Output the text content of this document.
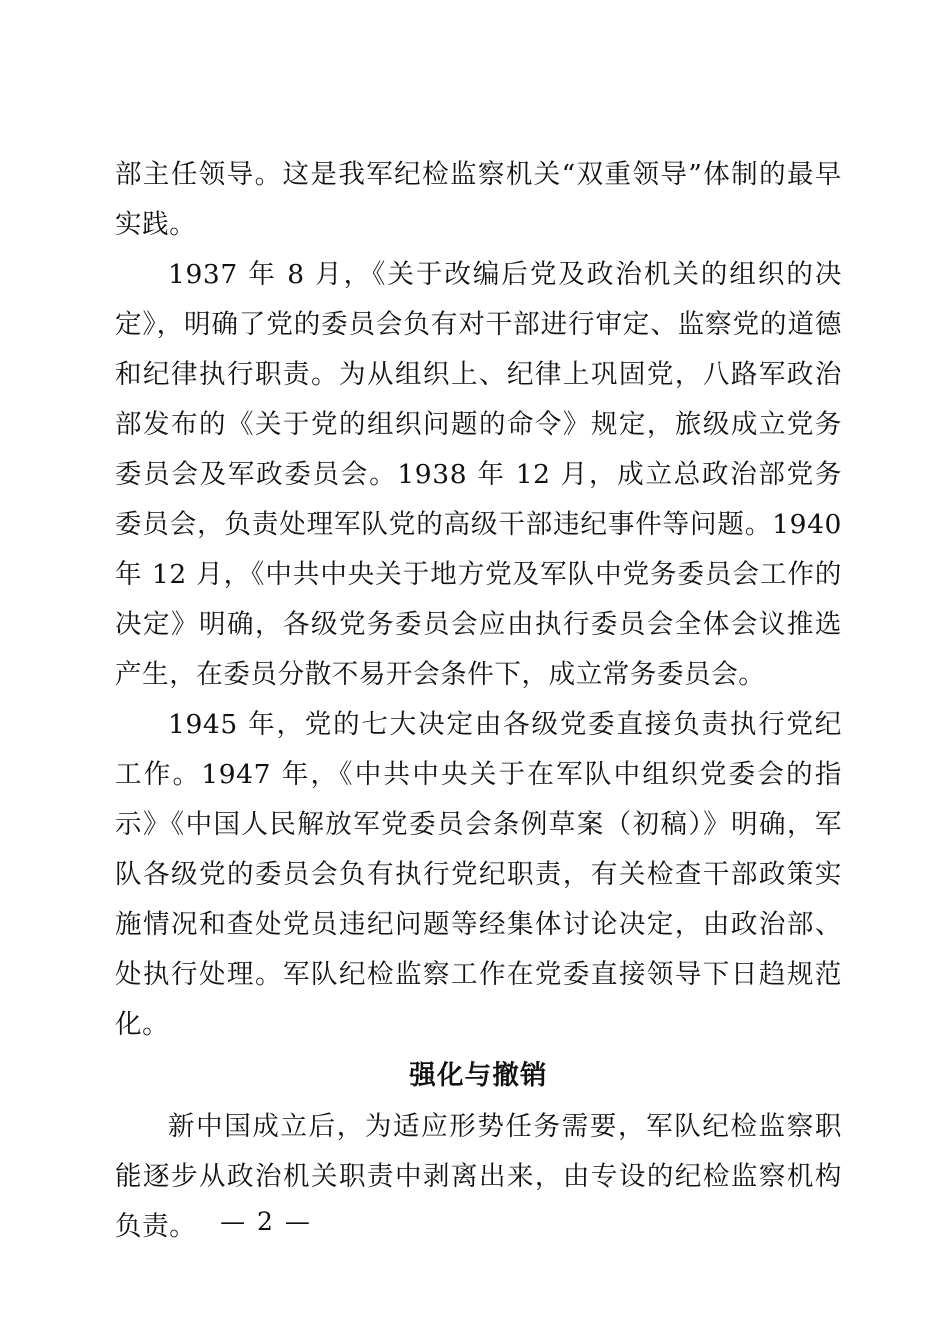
部主任领导。这是我军纪检监察机关“双重领导”体制的最早实践。

1937 年 8 月，《关于改编后党及政治机关的组织的决定》，明确了党的委员会负有对干部进行审定、监察党的道德和纪律执行职责。为从组织上、纪律上巩固党，八路军政治部发布的《关于党的组织问题的命令》规定，旅级成立党务委员会及军政委员会。1938 年 12 月，成立总政治部党务委员会，负责处理军队党的高级干部违纪事件等问题。1940 年 12 月，《中共中央关于地方党及军队中党务委员会工作的决定》明确，各级党务委员会应由执行委员会全体会议推选产生，在委员分散不易开会条件下，成立常务委员会。

1945 年，党的七大决定由各级党委直接负责执行党纪工作。1947 年，《中共中央关于在军队中组织党委会的指示》《中国人民解放军党委员会条例草案（初稿）》明确，军队各级党的委员会负有执行党纪职责，有关检查干部政策实施情况和查处党员违纪问题等经集体讨论决定，由政治部、处执行处理。军队纪检监察工作在党委直接领导下日趋规范化。

强化与撤销

新中国成立后，为适应形势任务需要，军队纪检监察职能逐步从政治机关职责中剥离出来，由专设的纪检监察机构负责。 — 2 —
